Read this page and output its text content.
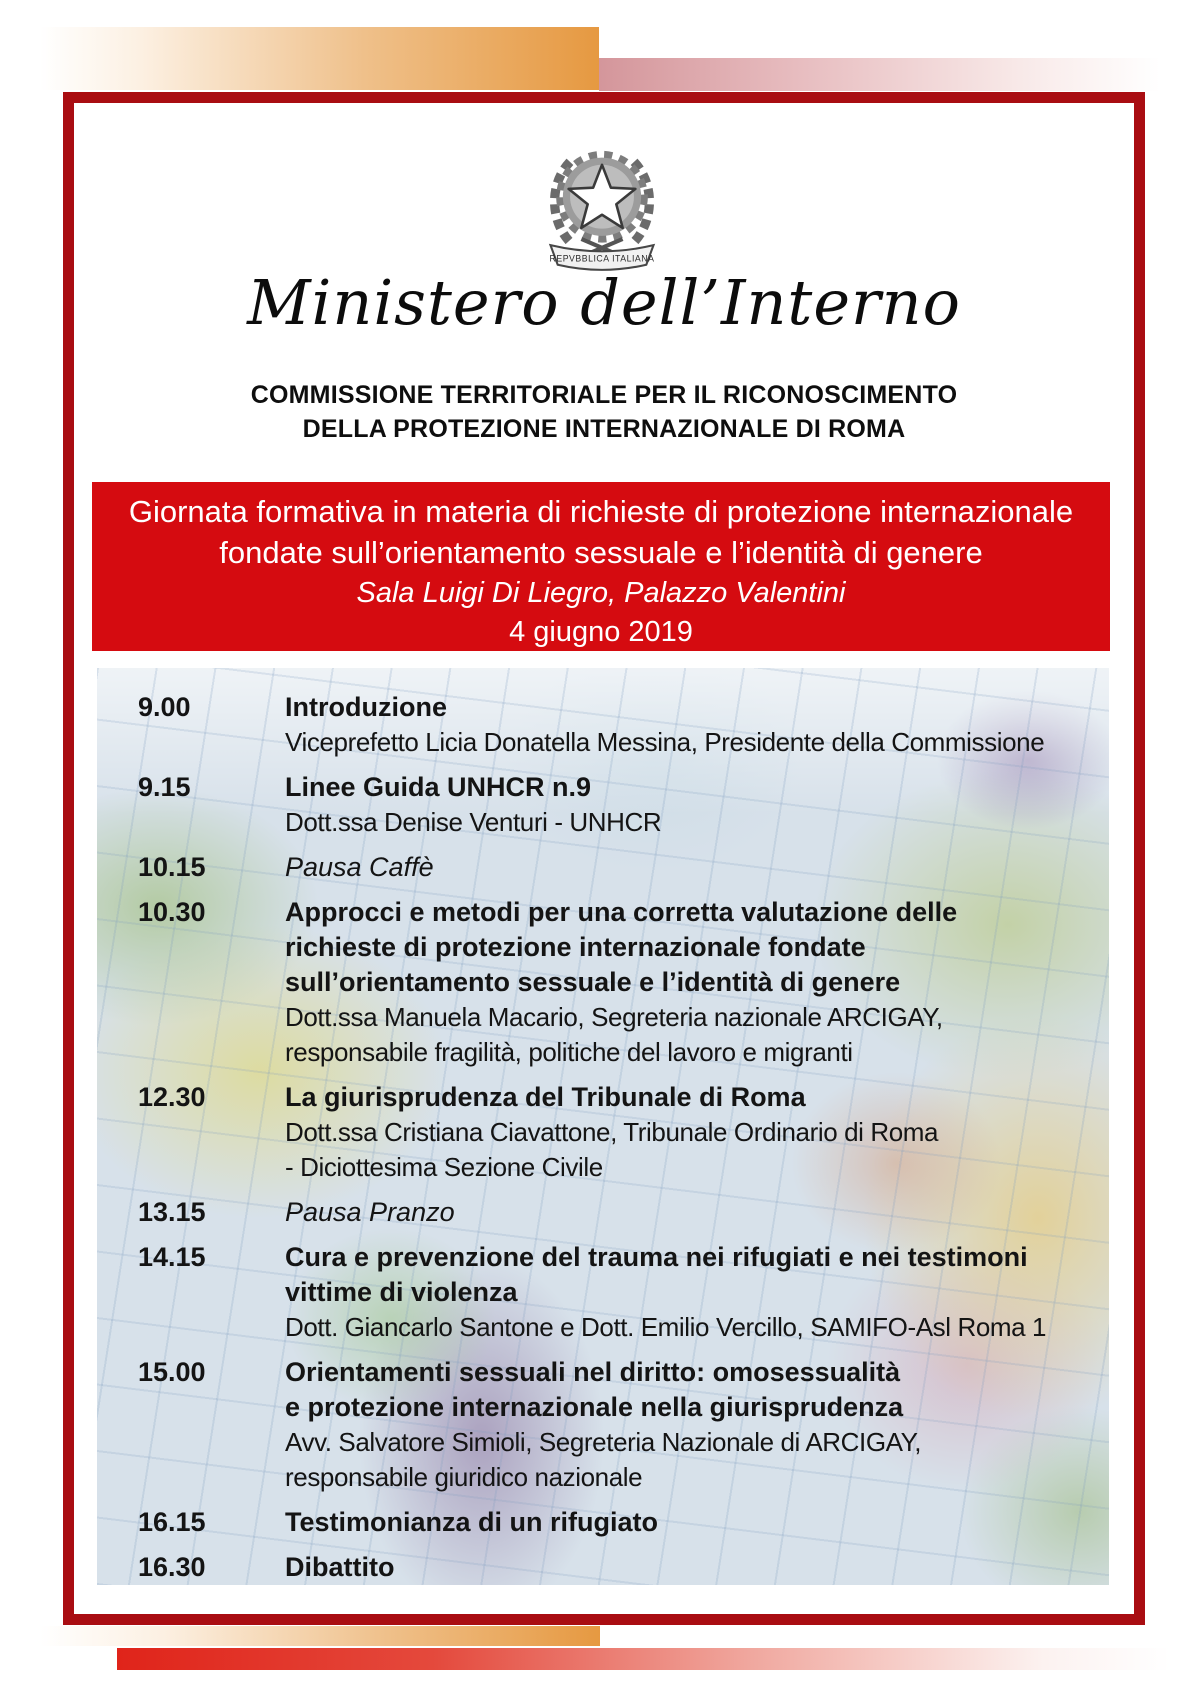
REPVBBLICA ITALIANA
Ministero dell’Interno
COMMISSIONE TERRITORIALE PER IL RICONOSCIMENTO
DELLA PROTEZIONE INTERNAZIONALE DI ROMA
Giornata formativa in materia di richieste di protezione internazionale
fondate sull’orientamento sessuale e l’identità di genere
Sala Luigi Di Liegro, Palazzo Valentini
4 giugno 2019
9.00	Introduzione
Viceprefetto Licia Donatella Messina, Presidente della Commissione
9.15	Linee Guida UNHCR n.9
Dott.ssa Denise Venturi - UNHCR
10.15	Pausa Caffè
10.30	Approcci e metodi per una corretta valutazione delle
richieste di protezione internazionale fondate
sull’orientamento sessuale e l’identità di genere
Dott.ssa Manuela Macario, Segreteria nazionale ARCIGAY,
responsabile fragilità, politiche del lavoro e migranti
12.30	La giurisprudenza del Tribunale di Roma
Dott.ssa Cristiana Ciavattone, Tribunale Ordinario di Roma
- Diciottesima Sezione Civile
13.15	Pausa Pranzo
14.15	Cura e prevenzione del trauma nei rifugiati e nei testimoni
vittime di violenza
Dott. Giancarlo Santone e Dott. Emilio Vercillo, SAMIFO-Asl Roma 1
15.00	Orientamenti sessuali nel diritto: omosessualità
e protezione internazionale nella giurisprudenza
Avv. Salvatore Simioli, Segreteria Nazionale di ARCIGAY,
responsabile giuridico nazionale
16.15	Testimonianza di un rifugiato
16.30	Dibattito
